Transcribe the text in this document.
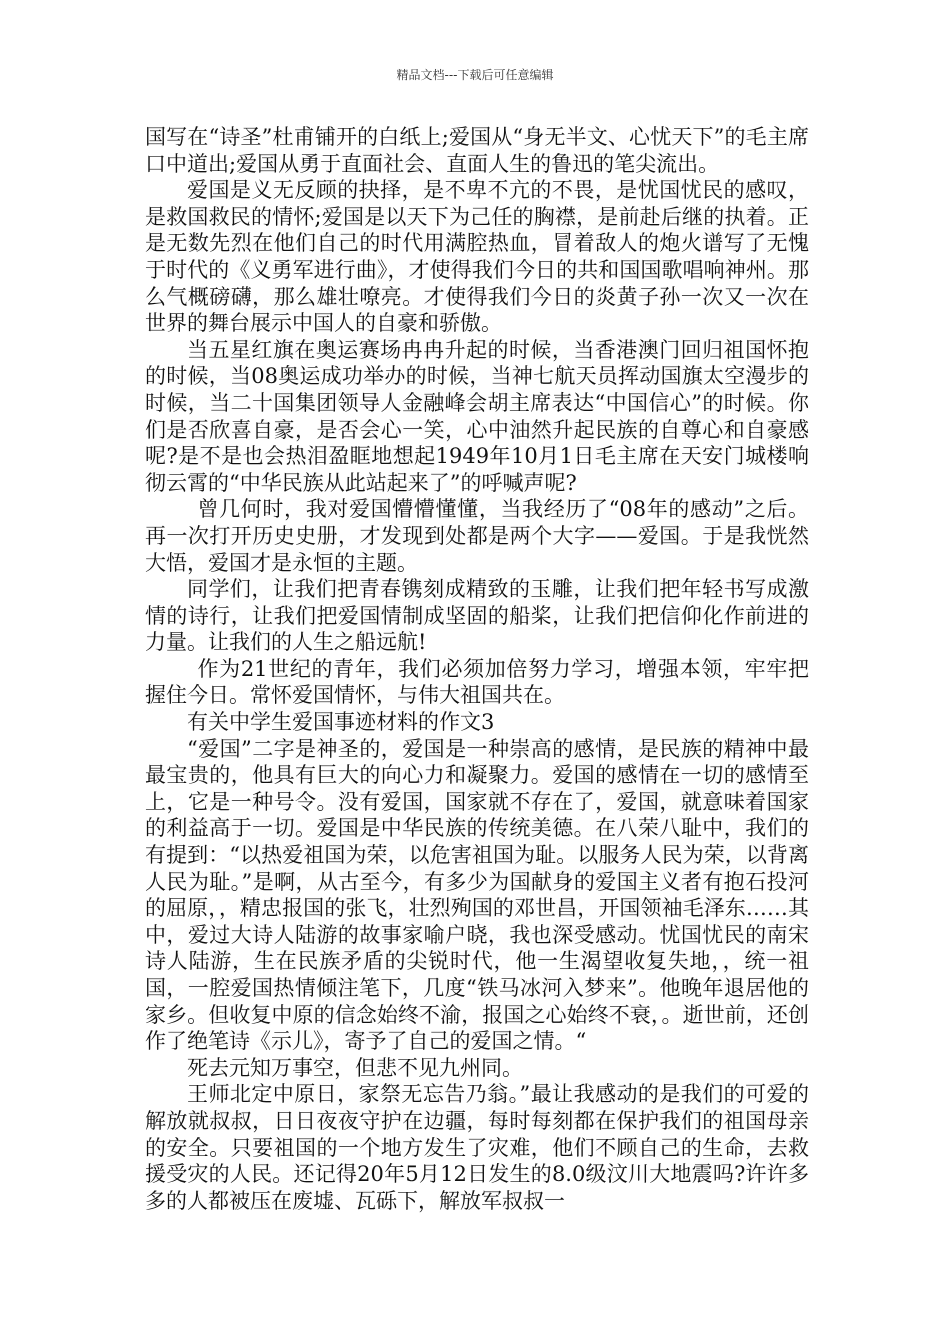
精品文档---下载后可任意编辑

国写在“诗圣”杜甫铺开的白纸上;爱国从“身无半文、心忧天下”的毛主席口中道出;爱国从勇于直面社会、直面人生的鲁迅的笔尖流出。

爱国是义无反顾的抉择，是不卑不亢的不畏，是忧国忧民的感叹，是救国救民的情怀;爱国是以天下为己任的胸襟，是前赴后继的执着。正是无数先烈在他们自己的时代用满腔热血，冒着敌人的炮火谱写了无愧于时代的《义勇军进行曲》，才使得我们今日的共和国国歌唱响神州。那么气概磅礴，那么雄壮嘹亮。才使得我们今日的炎黄子孙一次又一次在世界的舞台展示中国人的自豪和骄傲。

当五星红旗在奥运赛场冉冉升起的时候，当香港澳门回归祖国怀抱的时候，当08奥运成功举办的时候，当神七航天员挥动国旗太空漫步的时候，当二十国集团领导人金融峰会胡主席表达“中国信心”的时候。你们是否欣喜自豪，是否会心一笑，心中油然升起民族的自尊心和自豪感呢?是不是也会热泪盈眶地想起1949年10月1日毛主席在天安门城楼响彻云霄的“中华民族从此站起来了”的呼喊声呢?

曾几何时，我对爱国懵懵懂懂，当我经历了“08年的感动”之后。再一次打开历史史册，才发现到处都是两个大字——爱国。于是我恍然大悟，爱国才是永恒的主题。

同学们，让我们把青春镌刻成精致的玉雕，让我们把年轻书写成激情的诗行，让我们把爱国情制成坚固的船桨，让我们把信仰化作前进的力量。让我们的人生之船远航!

作为21世纪的青年，我们必须加倍努力学习，增强本领，牢牢把握住今日。常怀爱国情怀，与伟大祖国共在。

有关中学生爱国事迹材料的作文3

“爱国”二字是神圣的，爱国是一种崇高的感情，是民族的精神中最最宝贵的，他具有巨大的向心力和凝聚力。爱国的感情在一切的感情至上，它是一种号令。没有爱国，国家就不存在了，爱国，就意味着国家的利益高于一切。爱国是中华民族的传统美德。在八荣八耻中，我们的有提到：“以热爱祖国为荣，以危害祖国为耻。以服务人民为荣，以背离人民为耻。”是啊，从古至今，有多少为国献身的爱国主义者有抱石投河的屈原，，精忠报国的张飞，壮烈殉国的邓世昌，开国领袖毛泽东……其中，爱过大诗人陆游的故事家喻户晓，我也深受感动。忧国忧民的南宋诗人陆游，生在民族矛盾的尖锐时代，他一生渴望收复失地，，统一祖国，一腔爱国热情倾注笔下，几度“铁马冰河入梦来”。他晚年退居他的家乡。但收复中原的信念始终不渝，报国之心始终不衰，。逝世前，还创作了绝笔诗《示儿》，寄予了自己的爱国之情。“

死去元知万事空，但悲不见九州同。

王师北定中原日，家祭无忘告乃翁。”最让我感动的是我们的可爱的解放就叔叔，日日夜夜守护在边疆，每时每刻都在保护我们的祖国母亲的安全。只要祖国的一个地方发生了灾难，他们不顾自己的生命，去救援受灾的人民。还记得20年5月12日发生的8.0级汶川大地震吗?许许多多的人都被压在废墟、瓦砾下，解放军叔叔一
